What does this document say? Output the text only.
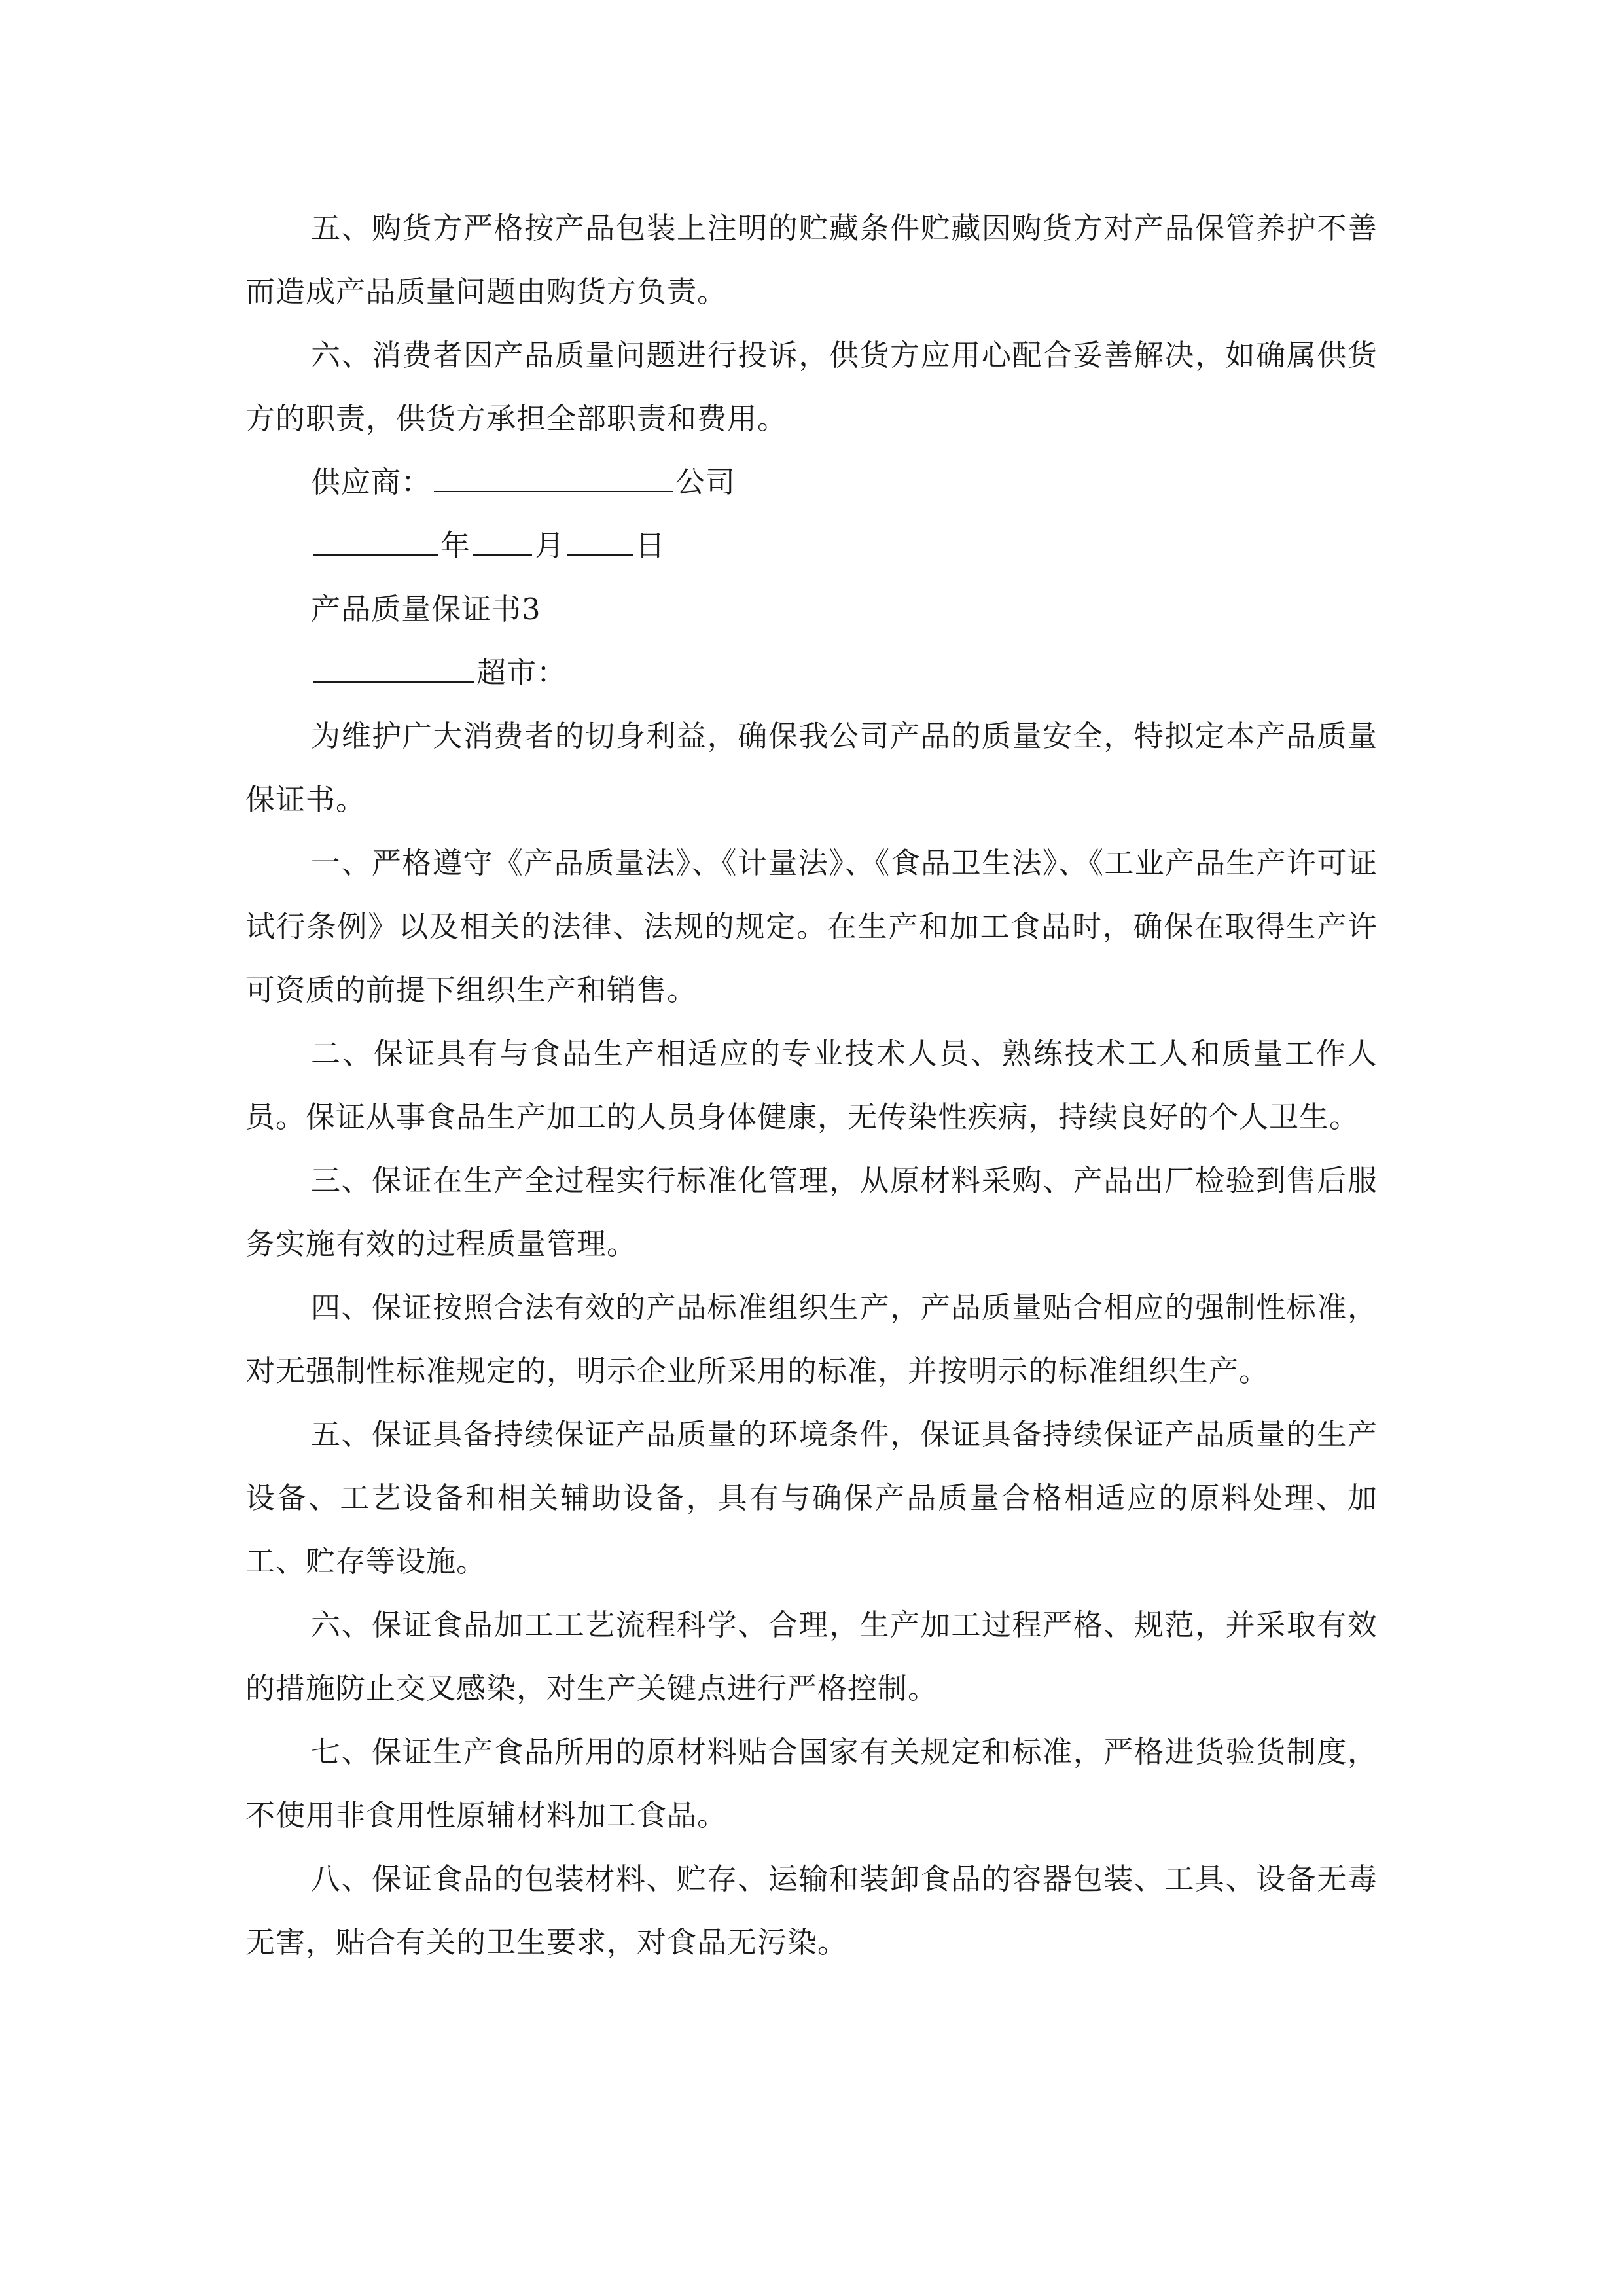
五、购货方严格按产品包装上注明的贮藏条件贮藏因购货方对产品保管养护不善而造成产品质量问题由购货方负责。

六、消费者因产品质量问题进行投诉，供货方应用心配合妥善解决，如确属供货方的职责，供货方承担全部职责和费用。

供应商：	公司

年 月 日

产品质量保证书3

超市：

为维护广大消费者的切身利益，确保我公司产品的质量安全，特拟定本产品质量保证书。

一、严格遵守《产品质量法》、《计量法》、《食品卫生法》、《工业产品生产许可证试行条例》以及相关的法律、法规的规定。在生产和加工食品时，确保在取得生产许可资质的前提下组织生产和销售。

二、保证具有与食品生产相适应的专业技术人员、熟练技术工人和质量工作人员。保证从事食品生产加工的人员身体健康，无传染性疾病，持续良好的个人卫生。

三、保证在生产全过程实行标准化管理，从原材料采购、产品出厂检验到售后服务实施有效的过程质量管理。

四、保证按照合法有效的产品标准组织生产，产品质量贴合相应的强制性标准，对无强制性标准规定的，明示企业所采用的标准，并按明示的标准组织生产。

五、保证具备持续保证产品质量的环境条件，保证具备持续保证产品质量的生产设备、工艺设备和相关辅助设备，具有与确保产品质量合格相适应的原料处理、加工、贮存等设施。

六、保证食品加工工艺流程科学、合理，生产加工过程严格、规范，并采取有效的措施防止交叉感染，对生产关键点进行严格控制。

七、保证生产食品所用的原材料贴合国家有关规定和标准，严格进货验货制度，不使用非食用性原辅材料加工食品。

八、保证食品的包装材料、贮存、运输和装卸食品的容器包装、工具、设备无毒无害，贴合有关的卫生要求，对食品无污染。
